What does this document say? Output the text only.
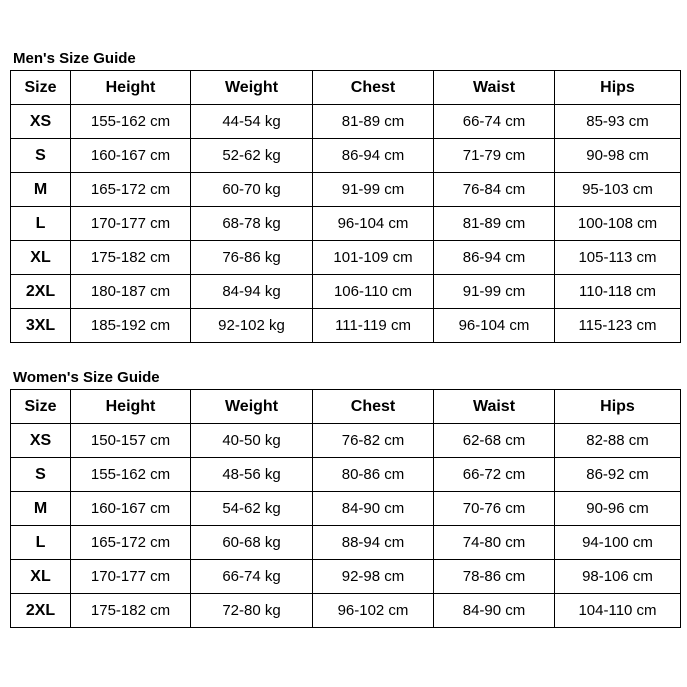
Men's Size Guide
Size	Height	Weight	Chest	Waist	Hips
XS	155-162 cm	44-54 kg	81-89 cm	66-74 cm	85-93 cm
S	160-167 cm	52-62 kg	86-94 cm	71-79 cm	90-98 cm
M	165-172 cm	60-70 kg	91-99 cm	76-84 cm	95-103 cm
L	170-177 cm	68-78 kg	96-104 cm	81-89 cm	100-108 cm
XL	175-182 cm	76-86 kg	101-109 cm	86-94 cm	105-113 cm
2XL	180-187 cm	84-94 kg	106-110 cm	91-99 cm	110-118 cm
3XL	185-192 cm	92-102 kg	111-119 cm	96-104 cm	115-123 cm
Women's Size Guide
Size	Height	Weight	Chest	Waist	Hips
XS	150-157 cm	40-50 kg	76-82 cm	62-68 cm	82-88 cm
S	155-162 cm	48-56 kg	80-86 cm	66-72 cm	86-92 cm
M	160-167 cm	54-62 kg	84-90 cm	70-76 cm	90-96 cm
L	165-172 cm	60-68 kg	88-94 cm	74-80 cm	94-100 cm
XL	170-177 cm	66-74 kg	92-98 cm	78-86 cm	98-106 cm
2XL	175-182 cm	72-80 kg	96-102 cm	84-90 cm	104-110 cm
